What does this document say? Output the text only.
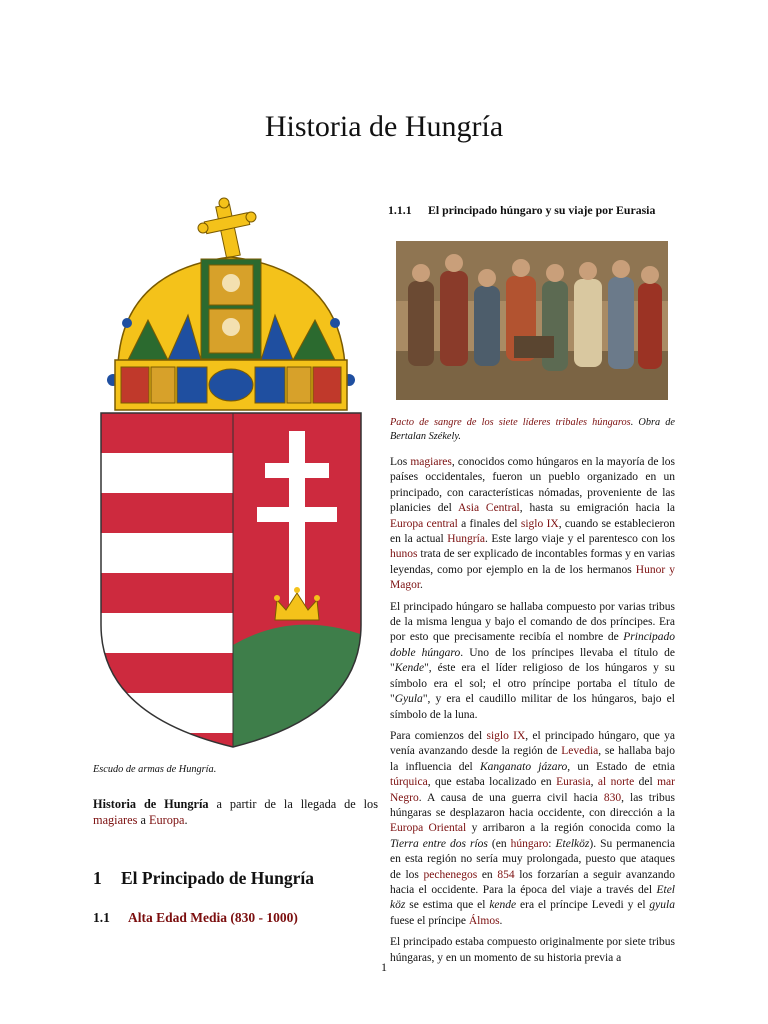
Historia de Hungría
Escudo de armas de Hungría.
Historia de Hungría a partir de la llegada de los magiares a Europa.
1 El Principado de Hungría
1.1 Alta Edad Media (830 - 1000)
1.1.1 El principado húngaro y su viaje por Eurasia
Pacto de sangre de los siete líderes tribales húngaros. Obra de Bertalan Székely.

Los magiares, conocidos como húngaros en la mayoría de los países occidentales, fueron un pueblo organizado en un principado, con características nómadas, proveniente de las planicies del Asia Central, hasta su emigración hacia la Europa central a finales del siglo IX, cuando se establecieron en la actual Hungría. Este largo viaje y el parentesco con los hunos trata de ser explicado de incontables formas y en varias leyendas, como por ejemplo en la de los hermanos Hunor y Magor.

El principado húngaro se hallaba compuesto por varias tribus de la misma lengua y bajo el comando de dos príncipes. Era por esto que precisamente recibía el nombre de Principado doble húngaro. Uno de los príncipes llevaba el título de "Kende", éste era el líder religioso de los húngaros y su símbolo era el sol; el otro príncipe portaba el título de "Gyula", y era el caudillo militar de los húngaros, bajo el símbolo de la luna.

Para comienzos del siglo IX, el principado húngaro, que ya venía avanzando desde la región de Levedia, se hallaba bajo la influencia del Kanganato jázaro, un Estado de etnia túrquica, que estaba localizado en Eurasia, al norte del mar Negro. A causa de una guerra civil hacia 830, las tribus húngaras se desplazaron hacia occidente, con dirección a la Europa Oriental y arribaron a la región conocida como la Tierra entre dos ríos (en húngaro: Etelköz). Su permanencia en esta región no sería muy prolongada, puesto que ataques de los pechenegos en 854 los forzarían a seguir avanzando hacia el occidente. Para la época del viaje a través del Etel köz se estima que el kende era el príncipe Levedi y el gyula fuese el príncipe Álmos.

El principado estaba compuesto originalmente por siete tribus húngaras, y en un momento de su historia previa a

1
